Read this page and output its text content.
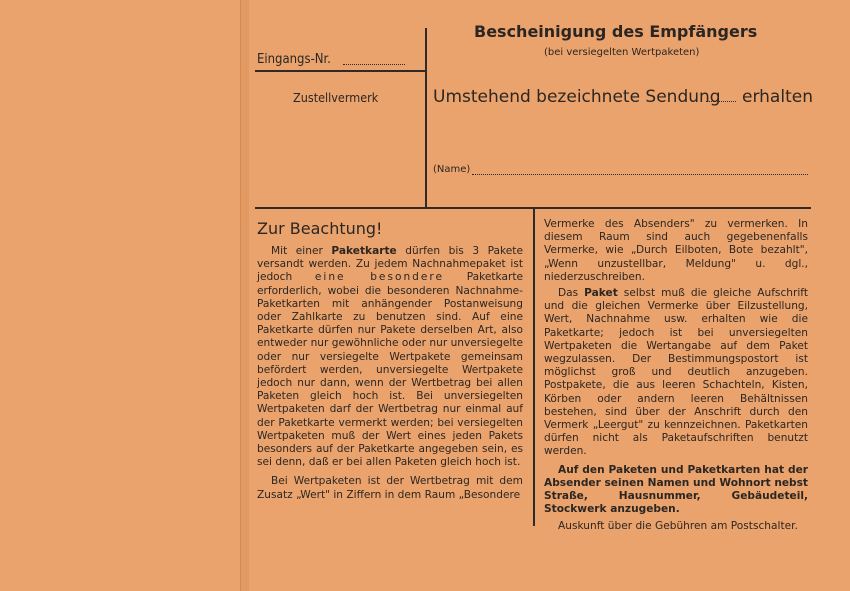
Eingangs-Nr.
Zustellvermerk
Bescheinigung des Empfängers
(bei versiegelten Wertpaketen)
Umstehend bezeichnete Sendung erhalten
(Name)
Zur Beachtung!

Mit einer Paketkarte dürfen bis 3 Pakete versandt werden. Zu jedem Nachnahmepaket ist jedoch eine besondere Paketkarte erforderlich, wobei die besonderen Nachnahme-Paketkarten mit anhängender Postanweisung oder Zahlkarte zu benutzen sind. Auf eine Paketkarte dürfen nur Pakete derselben Art, also entweder nur gewöhnliche oder nur unversiegelte oder nur versiegelte Wertpakete gemeinsam befördert werden, unversiegelte Wertpakete jedoch nur dann, wenn der Wertbetrag bei allen Paketen gleich hoch ist. Bei unversiegelten Wertpaketen darf der Wertbetrag nur einmal auf der Paketkarte vermerkt werden; bei versiegelten Wertpaketen muß der Wert eines jeden Pakets besonders auf der Paketkarte angegeben sein, es sei denn, daß er bei allen Paketen gleich hoch ist.

Bei Wertpaketen ist der Wertbetrag mit dem Zusatz „Wert" in Ziffern in dem Raum „Besondere

Vermerke des Absenders" zu vermerken. In diesem Raum sind auch gegebenenfalls Vermerke, wie „Durch Eilboten, Bote bezahlt", „Wenn unzustellbar, Meldung" u. dgl., niederzuschreiben.

Das Paket selbst muß die gleiche Aufschrift und die gleichen Vermerke über Eilzustellung, Wert, Nachnahme usw. erhalten wie die Paketkarte; jedoch ist bei unversiegelten Wertpaketen die Wertangabe auf dem Paket wegzulassen. Der Bestimmungspostort ist möglichst groß und deutlich anzugeben. Postpakete, die aus leeren Schachteln, Kisten, Körben oder andern leeren Behältnissen bestehen, sind über der Anschrift durch den Vermerk „Leergut" zu kennzeichnen. Paketkarten dürfen nicht als Paketaufschriften benutzt werden.

Auf den Paketen und Paketkarten hat der Absender seinen Namen und Wohnort nebst Straße, Hausnummer, Gebäudeteil, Stockwerk anzugeben.

Auskunft über die Gebühren am Postschalter.
